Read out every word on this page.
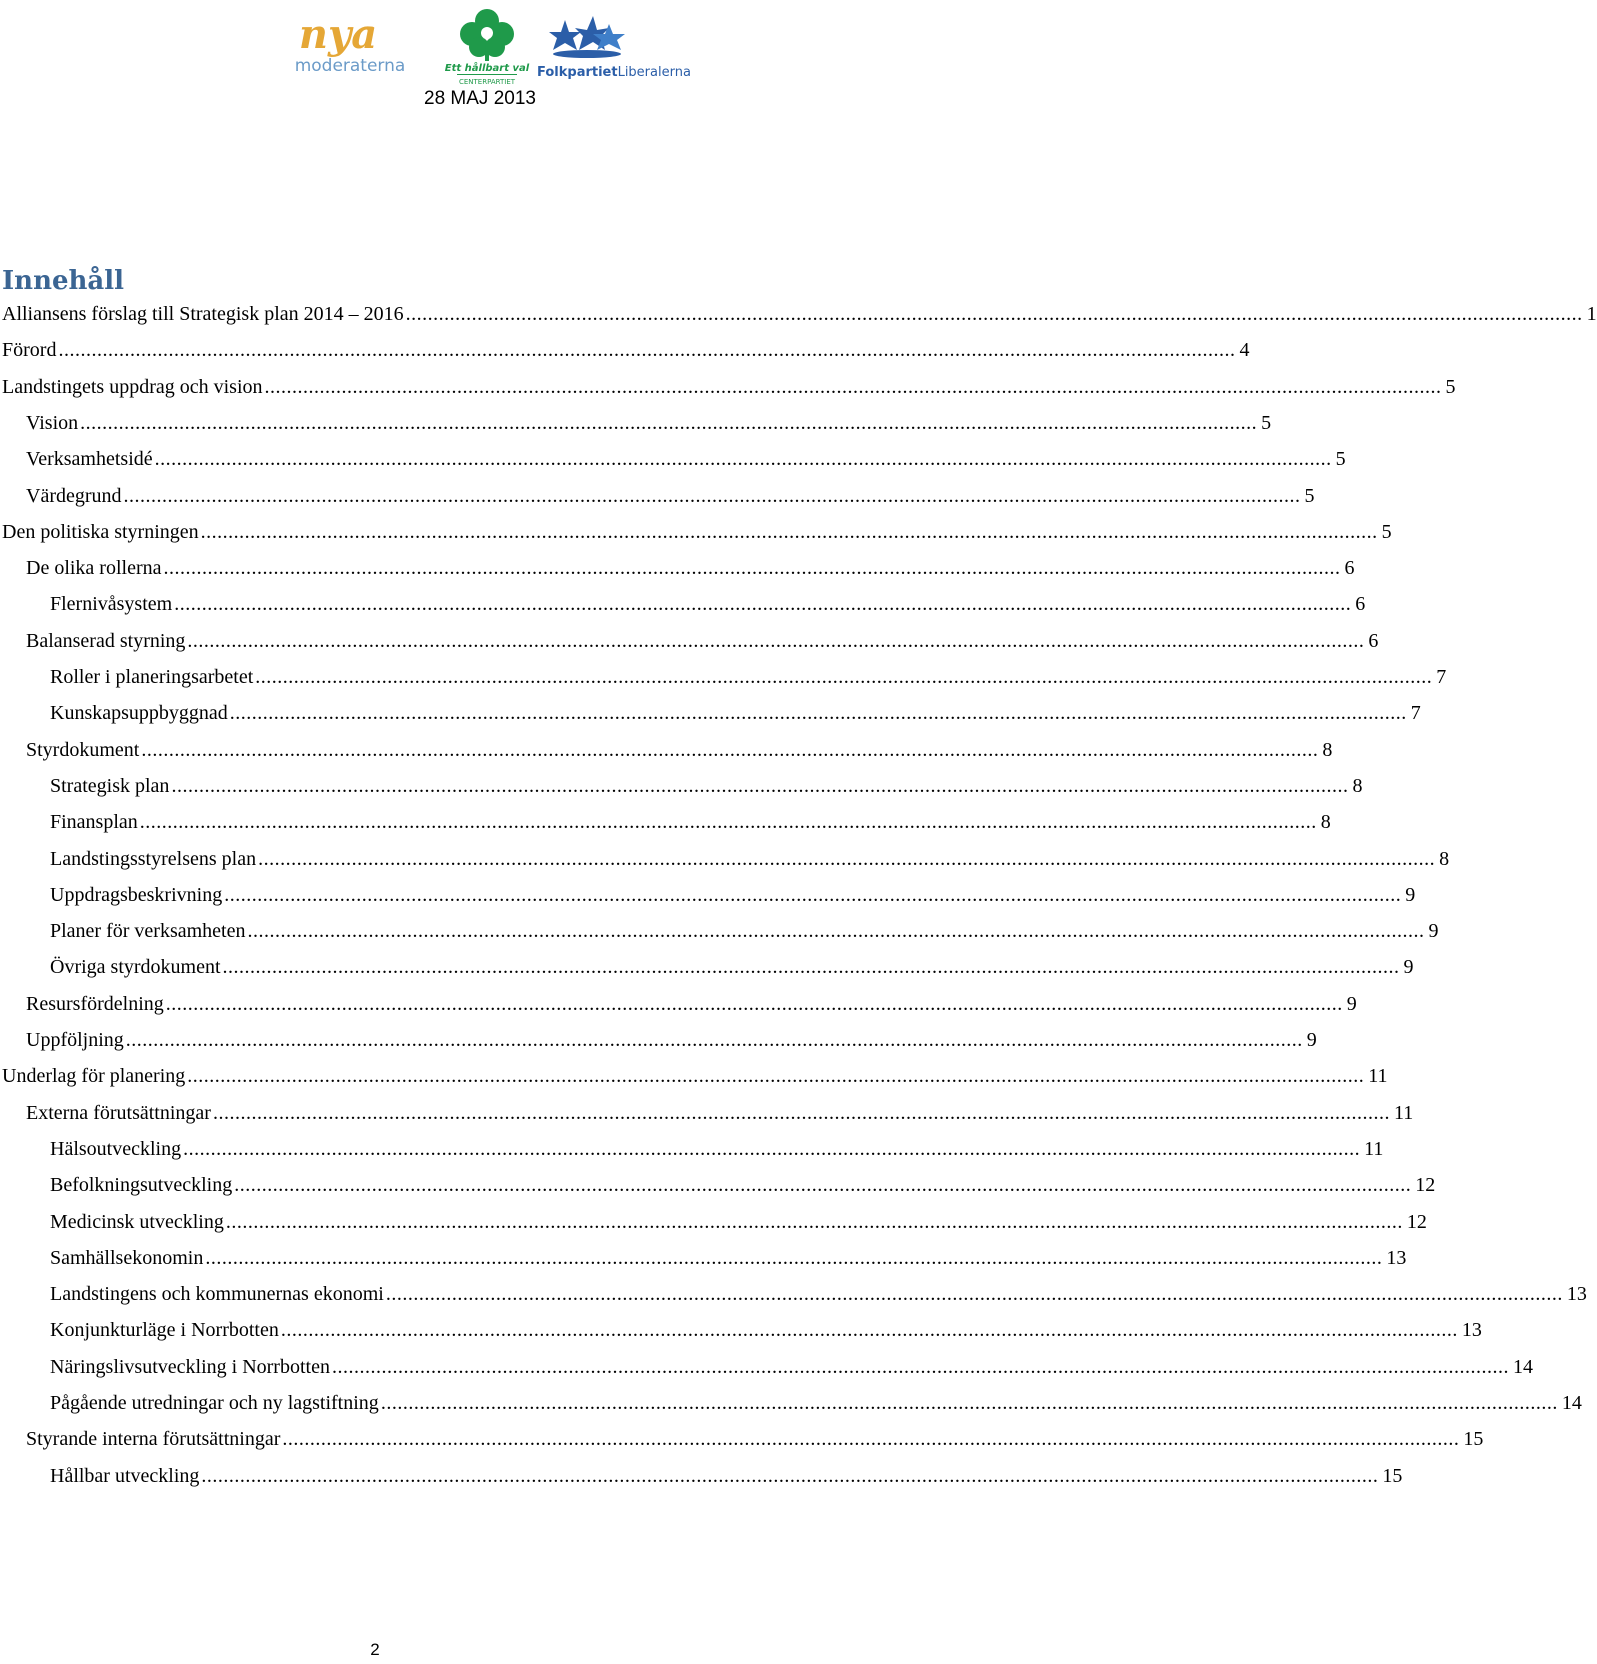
nya
moderaterna	Ett hållbart val
CENTERPARTIET
FolkpartietLiberalerna
28 MAJ 2013
Innehåll
Alliansens förslag till Strategisk plan 2014 – 2016 .....	1
Förord .....	4
Landstingets uppdrag och vision .....	5
Vision .....	5
Verksamhetsidé .....	5
Värdegrund .....	5
Den politiska styrningen .....	5
De olika rollerna .....	6
Flernivåsystem .....	6
Balanserad styrning .....	6
Roller i planeringsarbetet .....	7
Kunskapsuppbyggnad .....	7
Styrdokument .....	8
Strategisk plan .....	8
Finansplan .....	8
Landstingsstyrelsens plan .....	8
Uppdragsbeskrivning .....	9
Planer för verksamheten .....	9
Övriga styrdokument .....	9
Resursfördelning .....	9
Uppföljning .....	9
Underlag för planering .....	11
Externa förutsättningar .....	11
Hälsoutveckling .....	11
Befolkningsutveckling .....	12
Medicinsk utveckling .....	12
Samhällsekonomin .....	13
Landstingens och kommunernas ekonomi .....	13
Konjunkturläge i Norrbotten .....	13
Näringslivsutveckling i Norrbotten .....	14
Pågående utredningar och ny lagstiftning .....	14
Styrande interna förutsättningar .....	15
Hållbar utveckling .....	15
2
